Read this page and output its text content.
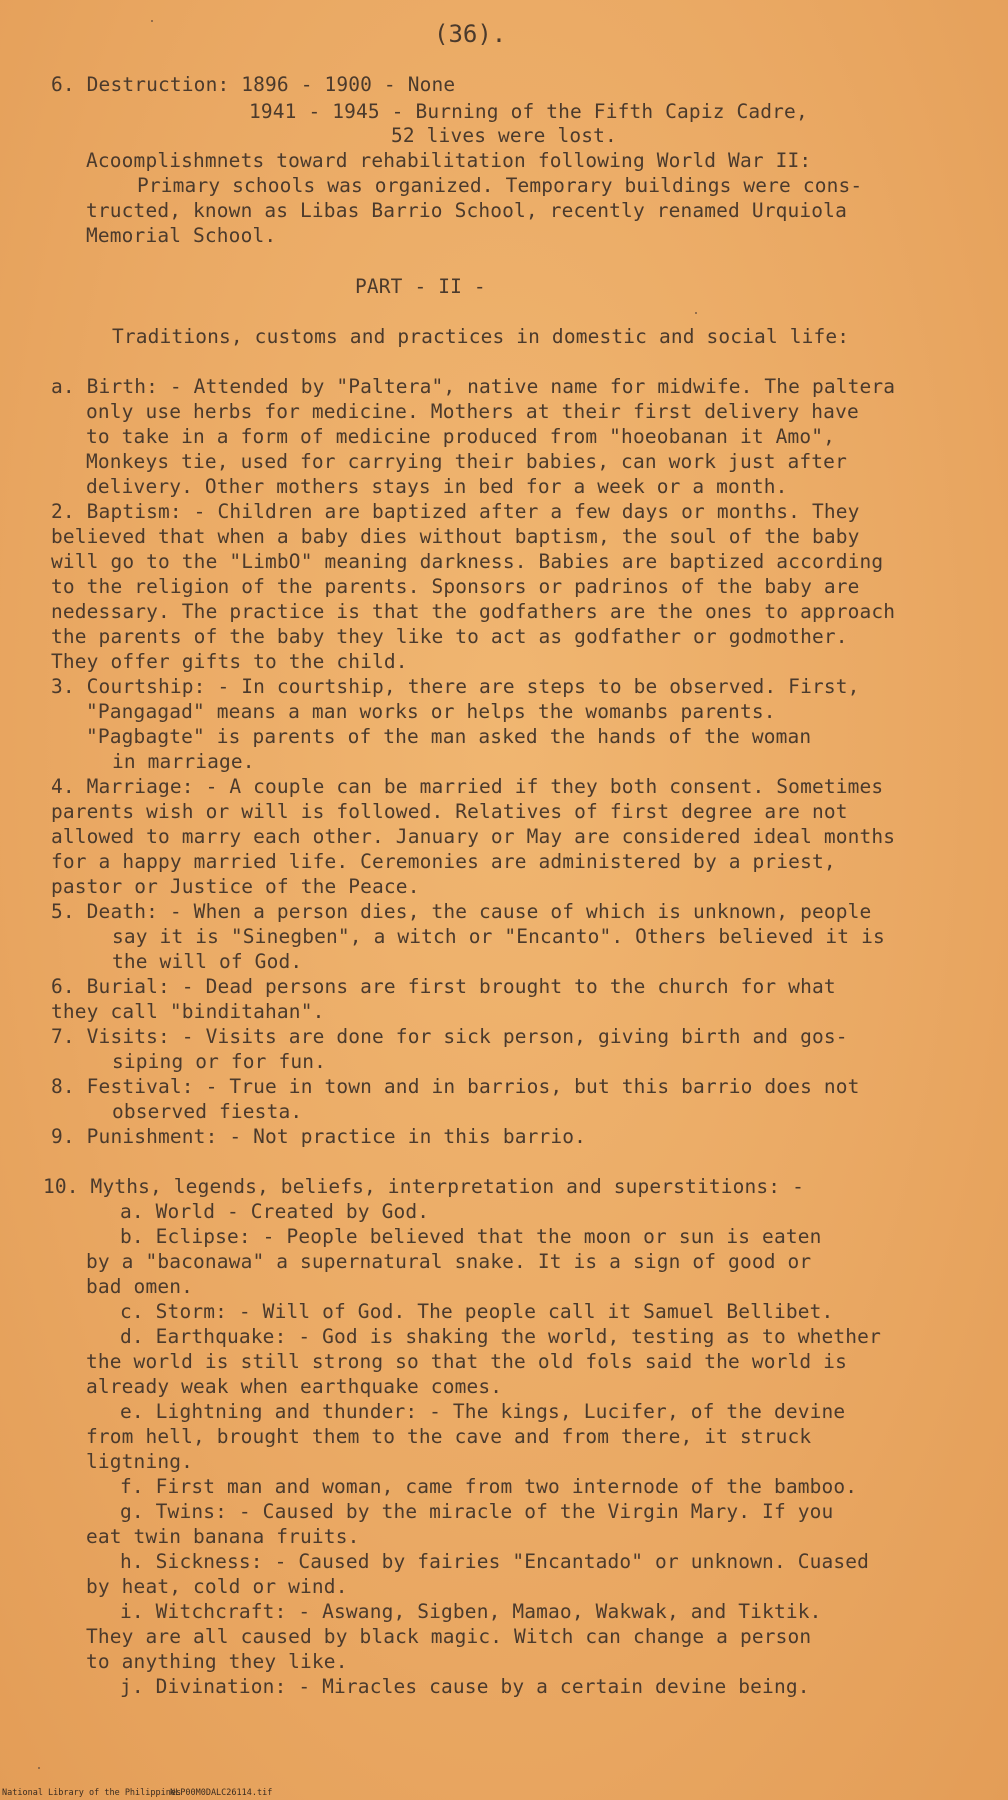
(36).
6. Destruction: 1896 - 1900 - None
1941 - 1945 - Burning of the Fifth Capiz Cadre,
52 lives were lost.
Acoomplishmnets toward rehabilitation following World War II:
Primary schools was organized. Temporary buildings were cons-
tructed, known as Libas Barrio School, recently renamed Urquiola
Memorial School.
PART - II -
Traditions, customs and practices in domestic and social life:
a. Birth: - Attended by "Paltera", native name for midwife. The paltera
only use herbs for medicine. Mothers at their first delivery have
to take in a form of medicine produced from "hoeobanan it Amo",
Monkeys tie, used for carrying their babies, can work just after
delivery. Other mothers stays in bed for a week or a month.
2. Baptism: - Children are baptized after a few days or months. They
believed that when a baby dies without baptism, the soul of the baby
will go to the "LimbO" meaning darkness. Babies are baptized according
to the religion of the parents. Sponsors or padrinos of the baby are
nedessary. The practice is that the godfathers are the ones to approach
the parents of the baby they like to act as godfather or godmother.
They offer gifts to the child.
3. Courtship: - In courtship, there are steps to be observed. First,
"Pangagad" means a man works or helps the womanbs parents.
"Pagbagte" is parents of the man asked the hands of the woman
in marriage.
4. Marriage: - A couple can be married if they both consent. Sometimes
parents wish or will is followed. Relatives of first degree are not
allowed to marry each other. January or May are considered ideal months
for a happy married life. Ceremonies are administered by a priest,
pastor or Justice of the Peace.
5. Death: - When a person dies, the cause of which is unknown, people
say it is "Sinegben", a witch or "Encanto". Others believed it is
the will of God.
6. Burial: - Dead persons are first brought to the church for what
they call "binditahan".
7. Visits: - Visits are done for sick person, giving birth and gos-
siping or for fun.
8. Festival: - True in town and in barrios, but this barrio does not
observed fiesta.
9. Punishment: - Not practice in this barrio.
10. Myths, legends, beliefs, interpretation and superstitions: -
a. World - Created by God.
b. Eclipse: - People believed that the moon or sun is eaten
by a "baconawa" a supernatural snake. It is a sign of good or
bad omen.
c. Storm: - Will of God. The people call it Samuel Bellibet.
d. Earthquake: - God is shaking the world, testing as to whether
the world is still strong so that the old fols said the world is
already weak when earthquake comes.
e. Lightning and thunder: - The kings, Lucifer, of the devine
from hell, brought them to the cave and from there, it struck
ligtning.
f. First man and woman, came from two internode of the bamboo.
g. Twins: - Caused by the miracle of the Virgin Mary. If you
eat twin banana fruits.
h. Sickness: - Caused by fairies "Encantado" or unknown. Cuased
by heat, cold or wind.
i. Witchcraft: - Aswang, Sigben, Mamao, Wakwak, and Tiktik.
They are all caused by black magic. Witch can change a person
to anything they like.
j. Divination: - Miracles cause by a certain devine being.
National Library of the Philippines
NLP00M0DALC26114.tif
